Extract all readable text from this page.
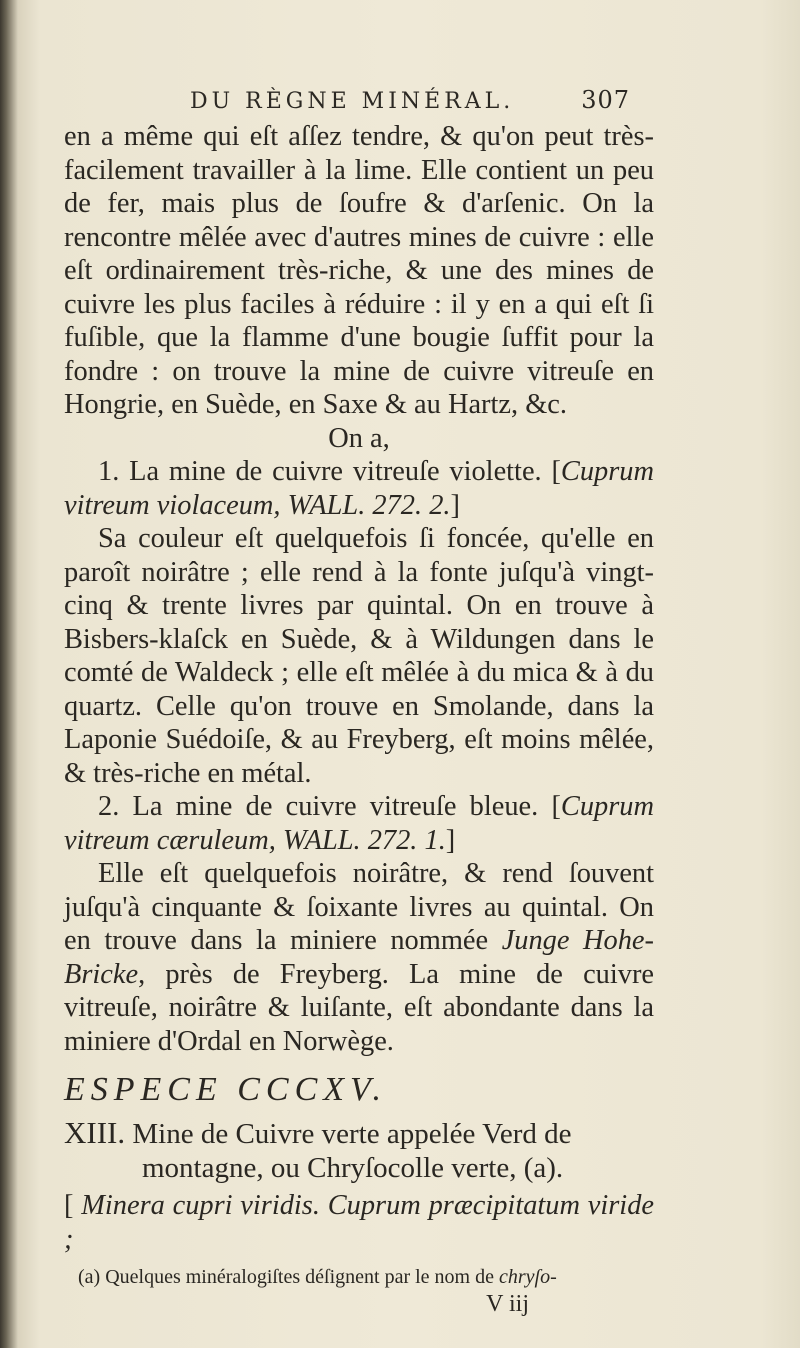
DU RÈGNE MINÉRAL.	307

en a même qui eſt aſſez tendre, & qu'on peut très-facilement travailler à la lime. Elle contient un peu de fer, mais plus de ſoufre & d'arſenic. On la rencontre mêlée avec d'autres mines de cuivre : elle eſt ordinairement très-riche, & une des mines de cuivre les plus faciles à réduire : il y en a qui eſt ſi fuſible, que la flamme d'une bougie ſuffit pour la fondre : on trouve la mine de cuivre vitreuſe en Hongrie, en Suède, en Saxe & au Hartz, &c.

On a,

1. La mine de cuivre vitreuſe violette. [Cuprum vitreum violaceum, WALL. 272. 2.]

Sa couleur eſt quelquefois ſi foncée, qu'elle en paroît noirâtre ; elle rend à la fonte juſqu'à vingt-cinq & trente livres par quintal. On en trouve à Bisbers-klaſck en Suède, & à Wildungen dans le comté de Waldeck ; elle eſt mêlée à du mica & à du quartz. Celle qu'on trouve en Smolande, dans la Laponie Suédoiſe, & au Freyberg, eſt moins mêlée, & très-riche en métal.

2. La mine de cuivre vitreuſe bleue. [Cuprum vitreum cæruleum, WALL. 272. 1.]

Elle eſt quelquefois noirâtre, & rend ſouvent juſqu'à cinquante & ſoixante livres au quintal. On en trouve dans la miniere nommée Junge Hohe-Bricke, près de Freyberg. La mine de cuivre vitreuſe, noirâtre & luiſante, eſt abondante dans la miniere d'Ordal en Norwège.

ESPECE CCCXV.

XIII. Mine de Cuivre verte appelée Verd de

montagne, ou Chryſocolle verte, (a).

[ Minera cupri viridis. Cuprum præcipitatum viride ;

(a) Quelques minéralogiſtes déſignent par le nom de chryſo-

V iij
